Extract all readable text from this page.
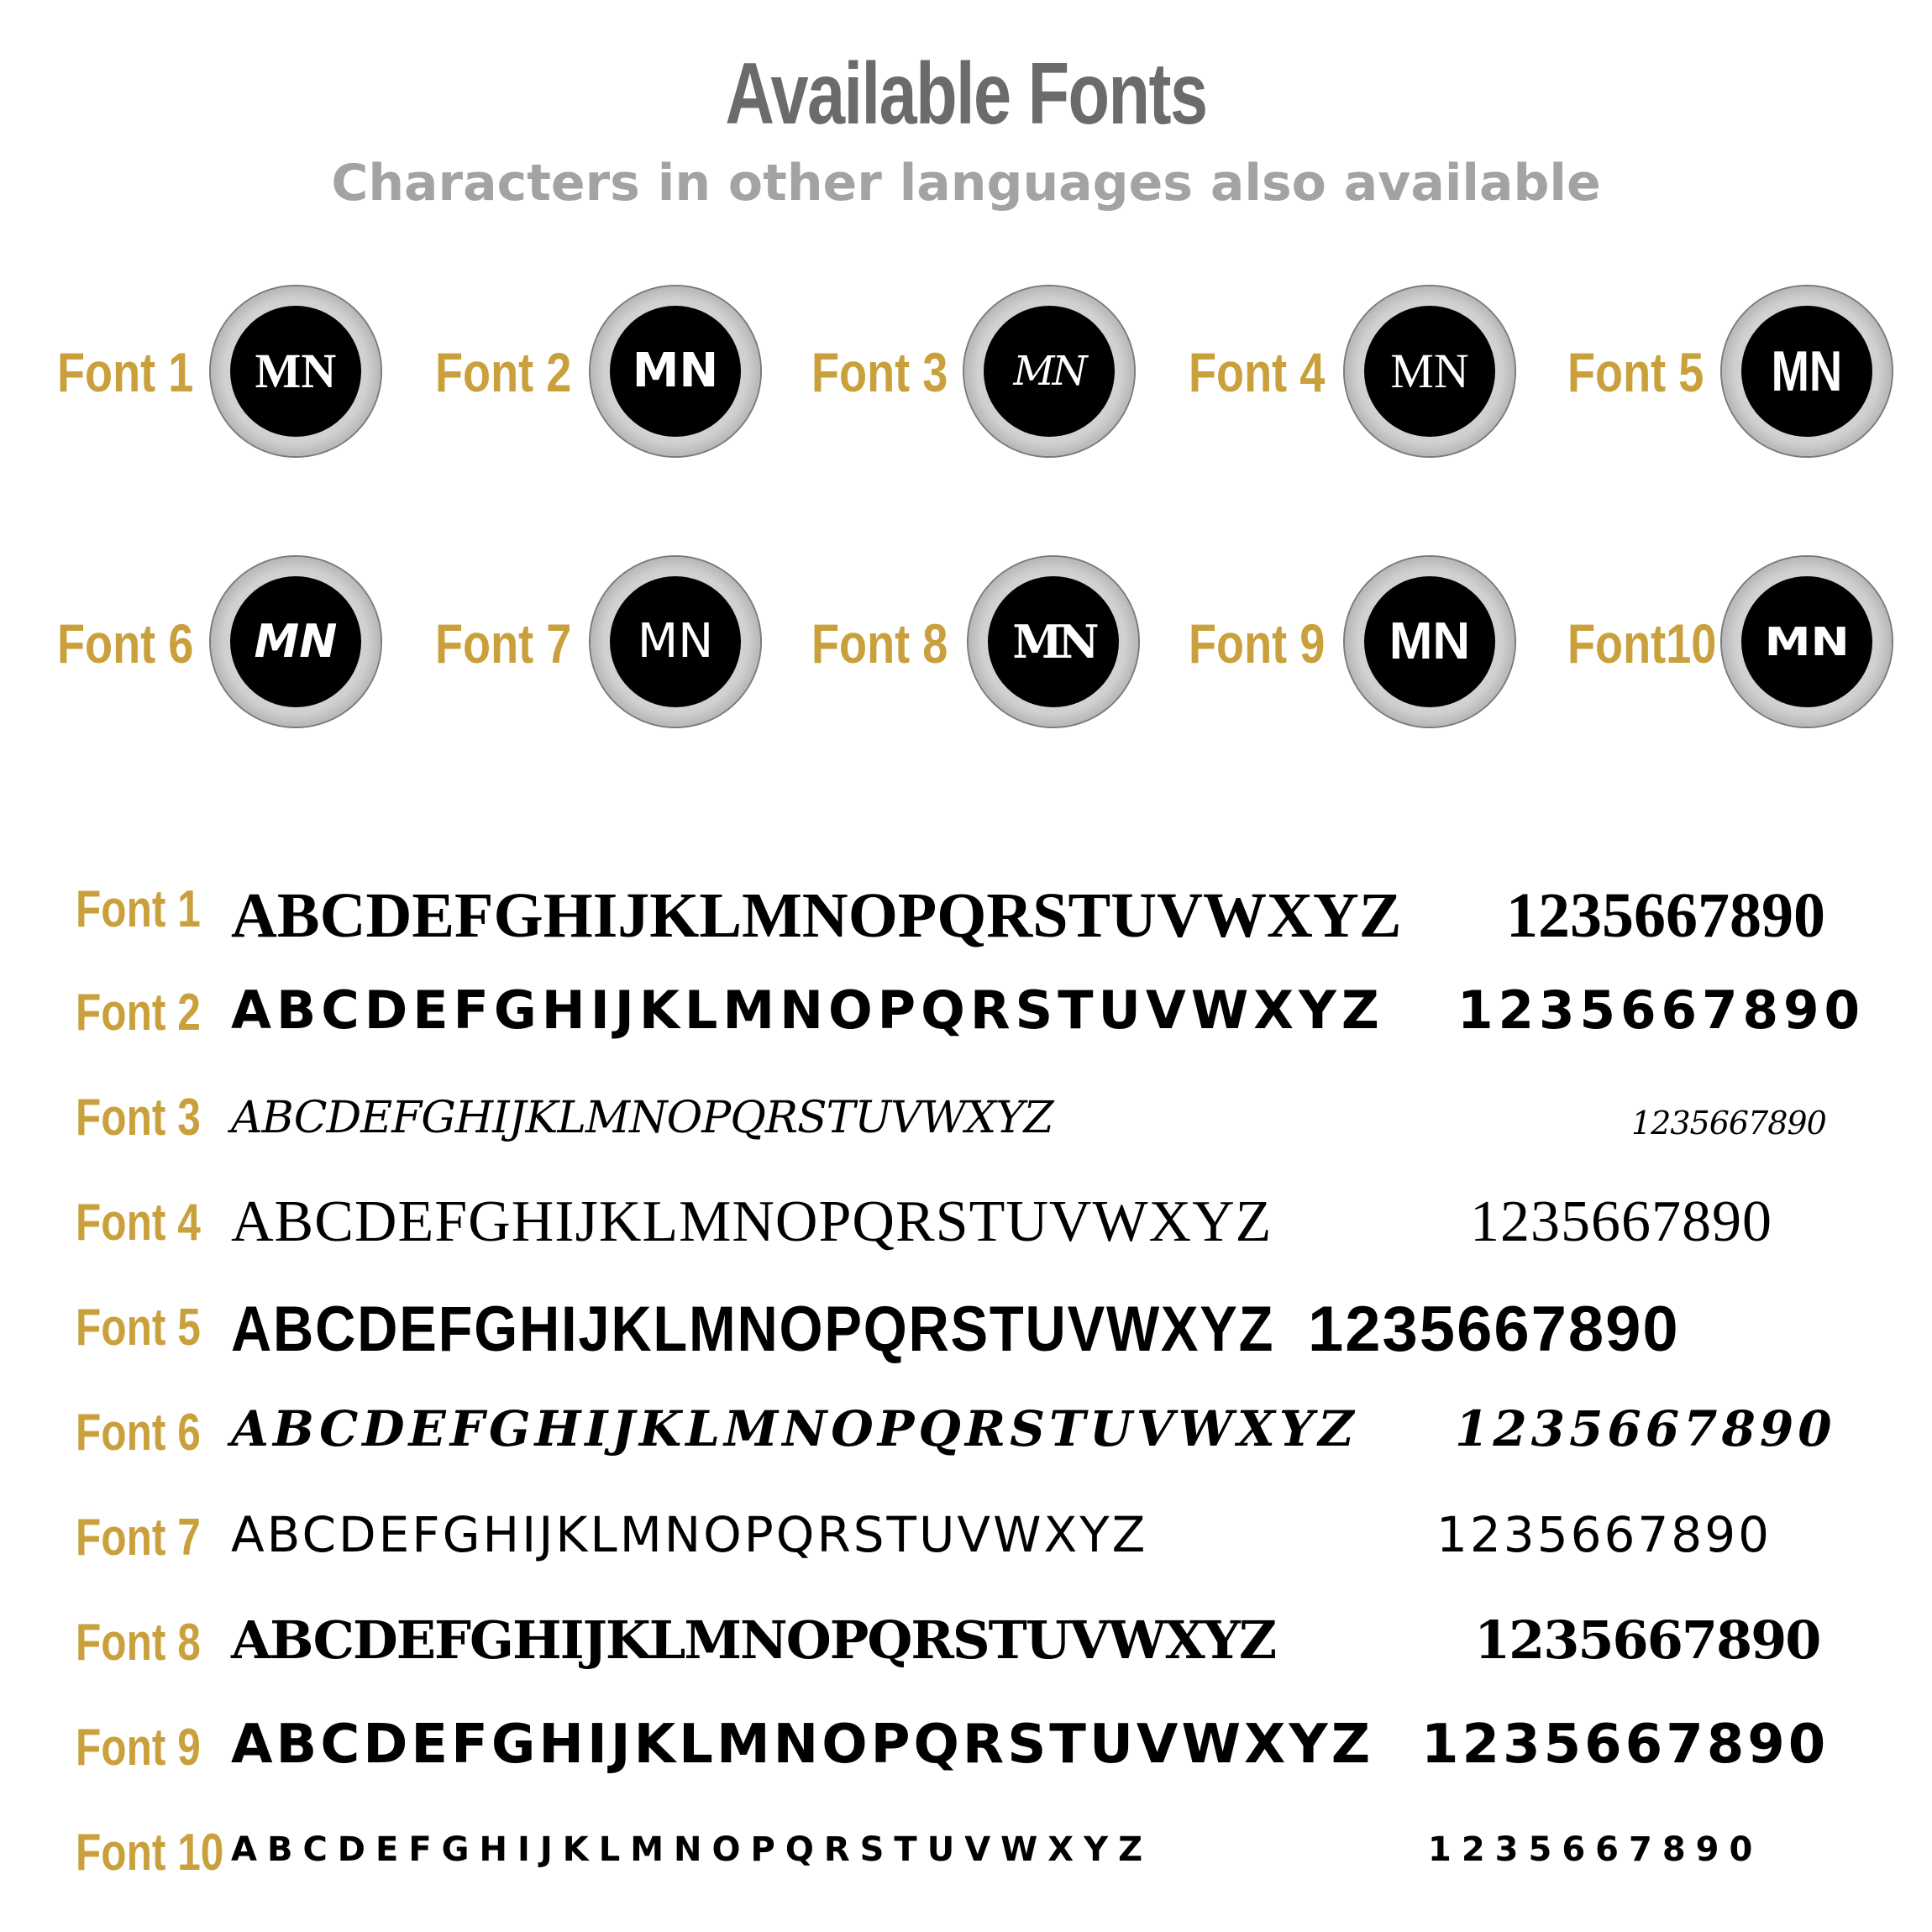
Available Fonts
Characters in other languages also available
Font 1 MN Font 2 MN Font 3 MN Font 4 MN Font 5 MN
Font 6 MN Font 7 MN Font 8 MN Font 9 MN Font10 MN
Font 1 ABCDEFGHIJKLMNOPQRSTUVWXYZ 1235667890
Font 2 ABCDEFGHIJKLMNOPQRSTUVWXYZ 1235667890
Font 3 ABCDEFGHIJKLMNOPQRSTUVWXYZ	1235667890
Font 4 ABCDEFGHIJKLMNOPQRSTUVWXYZ	1235667890
Font 5 ABCDEFGHIJKLMNOPQRSTUVWXYZ 1235667890
Font 6 ABCDEFGHIJKLMNOPQRSTUVWXYZ 1235667890
Font 7 ABCDEFGHIJKLMNOPQRSTUVWXYZ	1235667890
Font 8 ABCDEFGHIJKLMNOPQRSTUVWXYZ	1235667890
Font 9 ABCDEFGHIJKLMNOPQRSTUVWXYZ 1235667890
Font 10 ABCDEFGHIJKLMNOPQRSTUVWXYZ	1235667890
